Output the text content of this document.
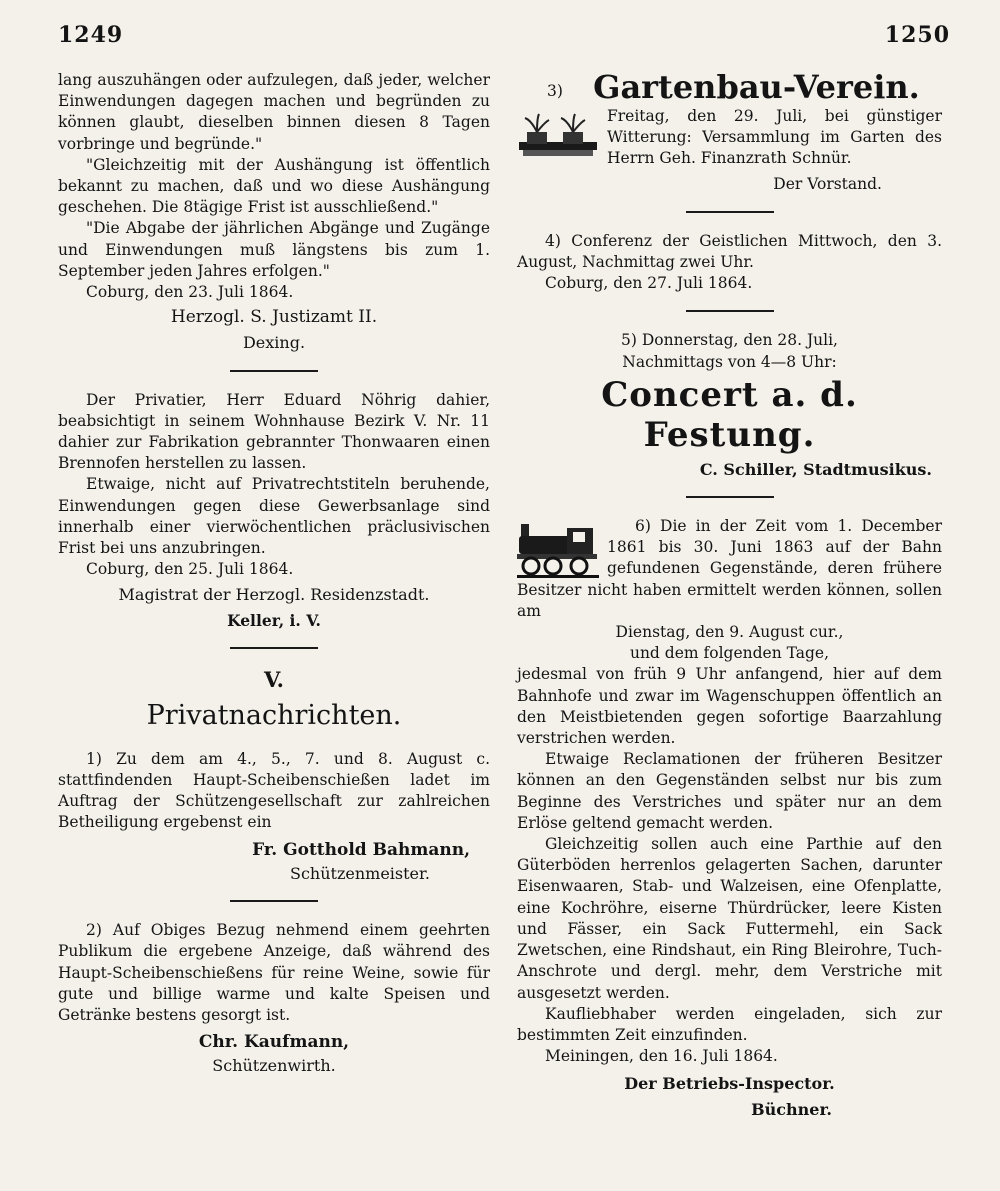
1249	1250

lang auszuhängen oder aufzulegen, daß jeder, welcher Einwendungen dagegen machen und begründen zu können glaubt, dieselben binnen diesen 8 Tagen vorbringe und begründe."

"Gleichzeitig mit der Aushängung ist öffentlich bekannt zu machen, daß und wo diese Aushängung geschehen. Die 8tägige Frist ist ausschließend."

"Die Abgabe der jährlichen Abgänge und Zugänge und Einwendungen muß längstens bis zum 1. September jeden Jahres erfolgen."

Coburg, den 23. Juli 1864.

Herzogl. S. Justizamt II.

Dexing.

Der Privatier, Herr Eduard Nöhrig dahier, beabsichtigt in seinem Wohnhause Bezirk V. Nr. 11 dahier zur Fabrikation gebrannter Thonwaaren einen Brennofen herstellen zu lassen.

Etwaige, nicht auf Privatrechtstiteln beruhende, Einwendungen gegen diese Gewerbsanlage sind innerhalb einer vierwöchentlichen präclusivischen Frist bei uns anzubringen.

Coburg, den 25. Juli 1864.

Magistrat der Herzogl. Residenzstadt.

Keller, i. V.

V.
Privatnachrichten.

1) Zu dem am 4., 5., 7. und 8. August c. stattfindenden Haupt-Scheibenschießen ladet im Auftrag der Schützengesellschaft zur zahlreichen Betheiligung ergebenst ein

Fr. Gotthold Bahmann,

Schützenmeister.

2) Auf Obiges Bezug nehmend einem geehrten Publikum die ergebene Anzeige, daß während des Haupt-Scheibenschießens für reine Weine, sowie für gute und billige warme und kalte Speisen und Getränke bestens gesorgt ist.

Chr. Kaufmann,

Schützenwirth.

3) Gartenbau-Verein.

Freitag, den 29. Juli, bei günstiger Witterung: Versammlung im Garten des Herrn Geh. Finanzrath Schnür.

Der Vorstand.

4) Conferenz der Geistlichen Mittwoch, den 3. August, Nachmittag zwei Uhr.

Coburg, den 27. Juli 1864.

5) Donnerstag, den 28. Juli,

Nachmittags von 4—8 Uhr:

Concert a. d. Festung.

C. Schiller, Stadtmusikus.

6) Die in der Zeit vom 1. December 1861 bis 30. Juni 1863 auf der Bahn gefundenen Gegenstände, deren frühere Besitzer nicht haben ermittelt werden können, sollen am

Dienstag, den 9. August cur.,

und dem folgenden Tage,

jedesmal von früh 9 Uhr anfangend, hier auf dem Bahnhofe und zwar im Wagenschuppen öffentlich an den Meistbietenden gegen sofortige Baarzahlung verstrichen werden.

Etwaige Reclamationen der früheren Besitzer können an den Gegenständen selbst nur bis zum Beginne des Verstriches und später nur an dem Erlöse geltend gemacht werden.

Gleichzeitig sollen auch eine Parthie auf den Güterböden herrenlos gelagerten Sachen, darunter Eisenwaaren, Stab- und Walzeisen, eine Ofenplatte, eine Kochröhre, eiserne Thürdrücker, leere Kisten und Fässer, ein Sack Futtermehl, ein Sack Zwetschen, eine Rindshaut, ein Ring Bleirohre, Tuch-Anschrote und dergl. mehr, dem Verstriche mit ausgesetzt werden.

Kaufliebhaber werden eingeladen, sich zur bestimmten Zeit einzufinden.

Meiningen, den 16. Juli 1864.

Der Betriebs-Inspector.

Büchner.
